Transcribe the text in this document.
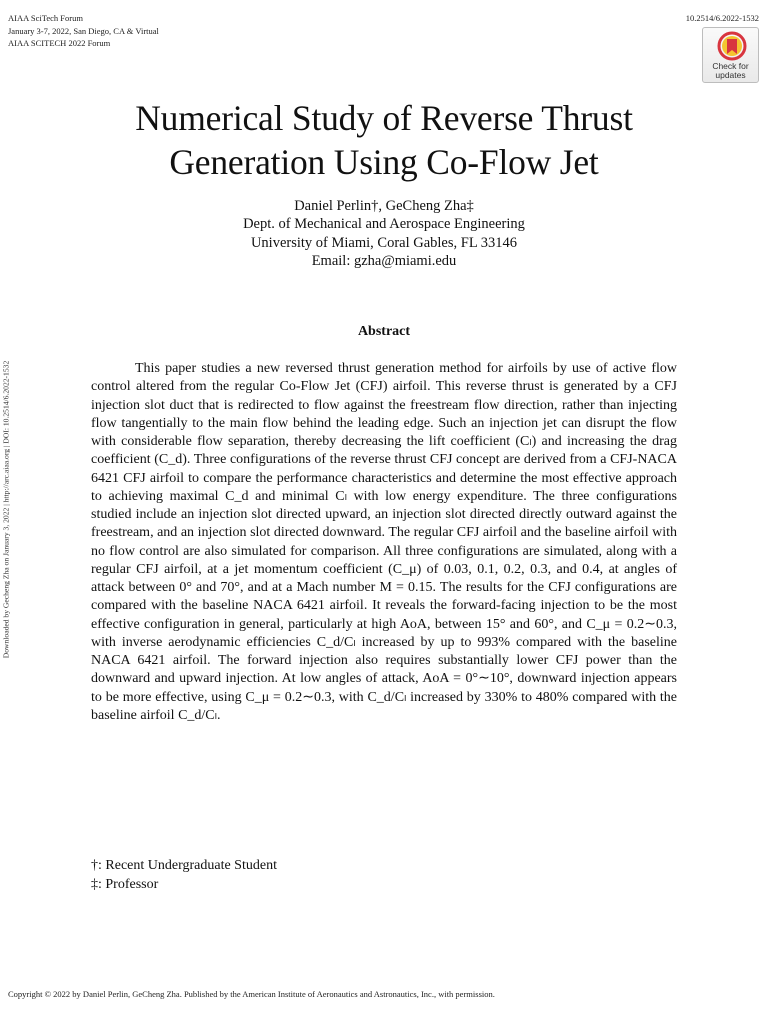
AIAA SciTech Forum
January 3-7, 2022, San Diego, CA & Virtual
AIAA SCITECH 2022 Forum
10.2514/6.2022-1532
Check for
updates
Downloaded by Gecheng Zha on January 3, 2022 | http://arc.aiaa.org | DOI: 10.2514/6.2022-1532
Numerical Study of Reverse Thrust
Generation Using Co-Flow Jet
Daniel Perlin†, GeCheng Zha‡
Dept. of Mechanical and Aerospace Engineering
University of Miami, Coral Gables, FL 33146
Email: gzha@miami.edu
Abstract

This paper studies a new reversed thrust generation method for airfoils by use of active flow control altered from the regular Co-Flow Jet (CFJ) airfoil. This reverse thrust is generated by a CFJ injection slot duct that is redirected to flow against the freestream flow direction, rather than injecting flow tangentially to the main flow behind the leading edge. Such an injection jet can disrupt the flow with considerable flow separation, thereby decreasing the lift coefficient (Cₗ) and increasing the drag coefficient (C_d). Three configurations of the reverse thrust CFJ concept are derived from a CFJ-NACA 6421 CFJ airfoil to compare the performance characteristics and determine the most effective approach to achieving maximal C_d and minimal Cₗ with low energy expenditure. The three configurations studied include an injection slot directed upward, an injection slot directed directly outward against the freestream, and an injection slot directed downward. The regular CFJ airfoil and the baseline airfoil with no flow control are also simulated for comparison. All three configurations are simulated, along with a regular CFJ airfoil, at a jet momentum coefficient (C_μ) of 0.03, 0.1, 0.2, 0.3, and 0.4, at angles of attack between 0° and 70°, and at a Mach number M = 0.15. The results for the CFJ configurations are compared with the baseline NACA 6421 airfoil. It reveals the forward-facing injection to be the most effective configuration in general, particularly at high AoA, between 15° and 60°, and C_μ = 0.2∼0.3, with inverse aerodynamic efficiencies C_d/Cₗ increased by up to 993% compared with the baseline NACA 6421 airfoil. The forward injection also requires substantially lower CFJ power than the downward and upward injection. At low angles of attack, AoA = 0°∼10°, downward injection appears to be more effective, using C_μ = 0.2∼0.3, with C_d/Cₗ increased by 330% to 480% compared with the baseline airfoil C_d/Cₗ.

†: Recent Undergraduate Student
‡: Professor
Copyright © 2022 by Daniel Perlin, GeCheng Zha. Published by the American Institute of Aeronautics and Astronautics, Inc., with permission.
